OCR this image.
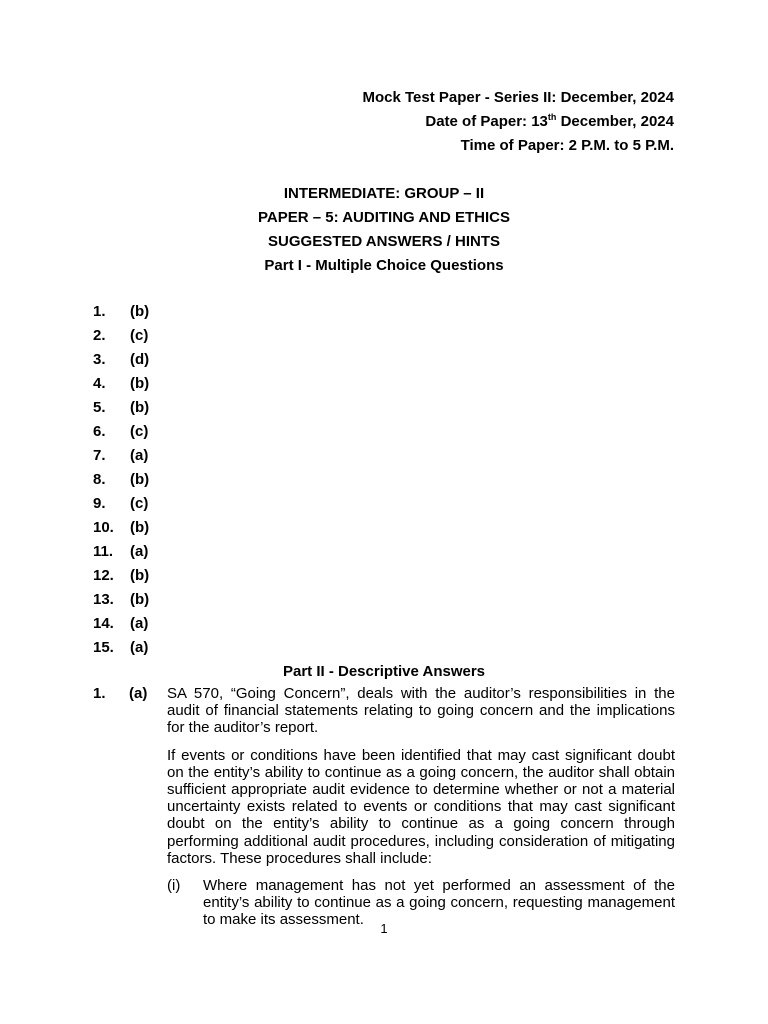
Mock Test Paper - Series II: December, 2024
Date of Paper: 13th December, 2024
Time of Paper: 2 P.M. to 5 P.M.
INTERMEDIATE: GROUP – II
PAPER – 5: AUDITING AND ETHICS
SUGGESTED ANSWERS / HINTS
Part I - Multiple Choice Questions
1.	(b)
2.	(c)
3.	(d)
4.	(b)
5.	(b)
6.	(c)
7.	(a)
8.	(b)
9.	(c)
10.	(b)
11.	(a)
12.	(b)
13.	(b)
14.	(a)
15.	(a)
Part II - Descriptive Answers
1. (a) SA 570, “Going Concern”, deals with the auditor’s responsibilities in the audit of financial statements relating to going concern and the implications for the auditor’s report.

If events or conditions have been identified that may cast significant doubt on the entity’s ability to continue as a going concern, the auditor shall obtain sufficient appropriate audit evidence to determine whether or not a material uncertainty exists related to events or conditions that may cast significant doubt on the entity’s ability to continue as a going concern through performing additional audit procedures, including consideration of mitigating factors. These procedures shall include:

(i)	Where management has not yet performed an assessment of the entity’s ability to continue as a going concern, requesting management to make its assessment.
1
